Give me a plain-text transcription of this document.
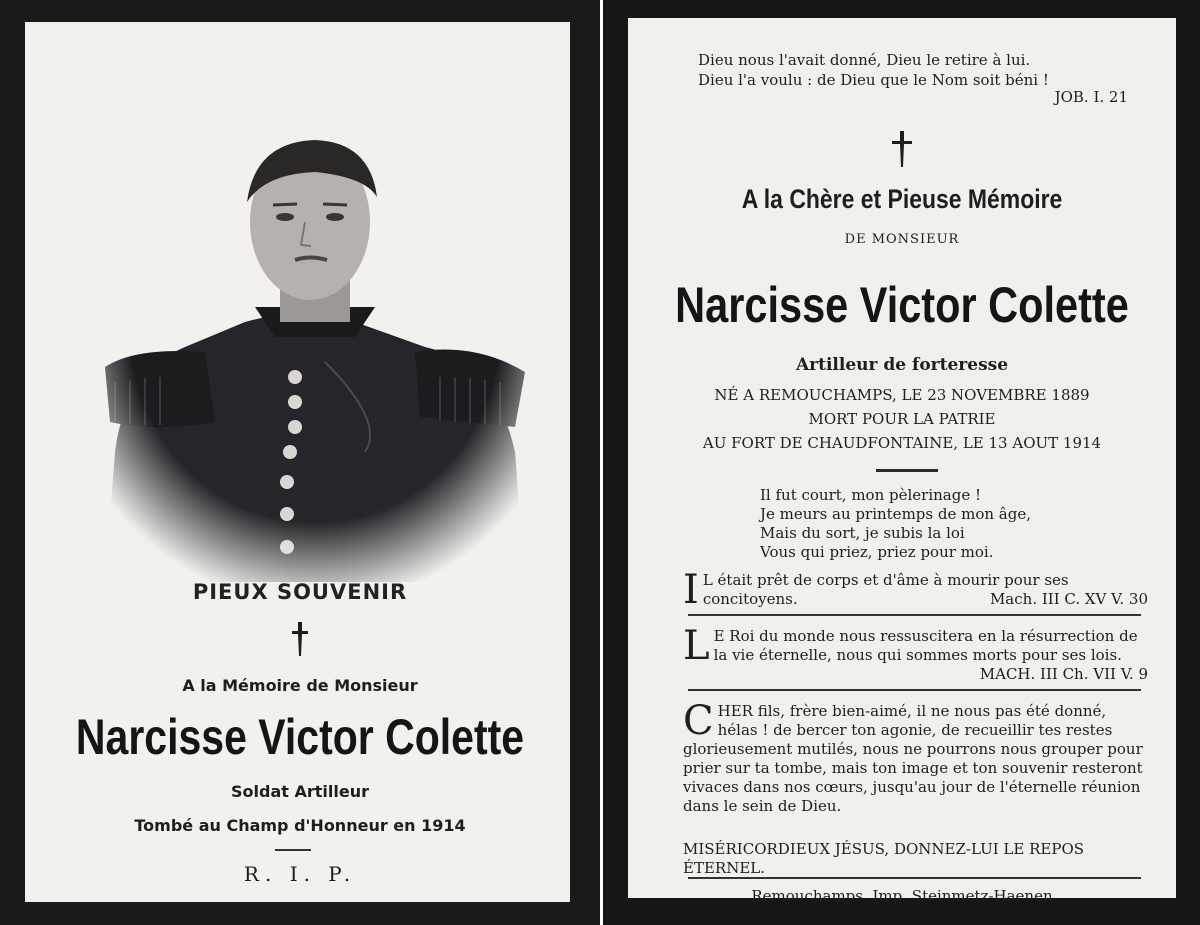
PIEUX SOUVENIR
A la Mémoire de Monsieur
Narcisse Victor Colette
Soldat Artilleur
Tombé au Champ d'Honneur en 1914
R. I. P.
Dieu nous l'avait donné, Dieu le retire à lui.
Dieu l'a voulu : de Dieu que le Nom soit béni !
JOB. I. 21
A la Chère et Pieuse Mémoire
DE MONSIEUR
Narcisse Victor Colette
Artilleur de forteresse
NÉ A REMOUCHAMPS, LE 23 NOVEMBRE 1889
MORT POUR LA PATRIE
AU FORT DE CHAUDFONTAINE, LE 13 AOUT 1914
Il fut court, mon pèlerinage !
Je meurs au printemps de mon âge,
Mais du sort, je subis la loi
Vous qui priez, priez pour moi.
I L était prêt de corps et d'âme à mourir pour ses concitoyens.	Mach. III C. XV V. 30
L E Roi du monde nous ressuscitera en la résurrection de la vie éternelle, nous qui sommes morts pour ses lois.
MACH. III Ch. VII V. 9
C HER fils, frère bien-aimé, il ne nous pas été donné, hélas ! de bercer ton agonie, de recueillir tes restes glorieusement mutilés, nous ne pourrons nous grouper pour prier sur ta tombe, mais ton image et ton souvenir resteront vivaces dans nos cœurs, jusqu'au jour de l'éternelle réunion dans le sein de Dieu.
MISÉRICORDIEUX JÉSUS, DONNEZ-LUI LE REPOS ÉTERNEL.
Remouchamps. Imp. Steinmetz-Haenen
